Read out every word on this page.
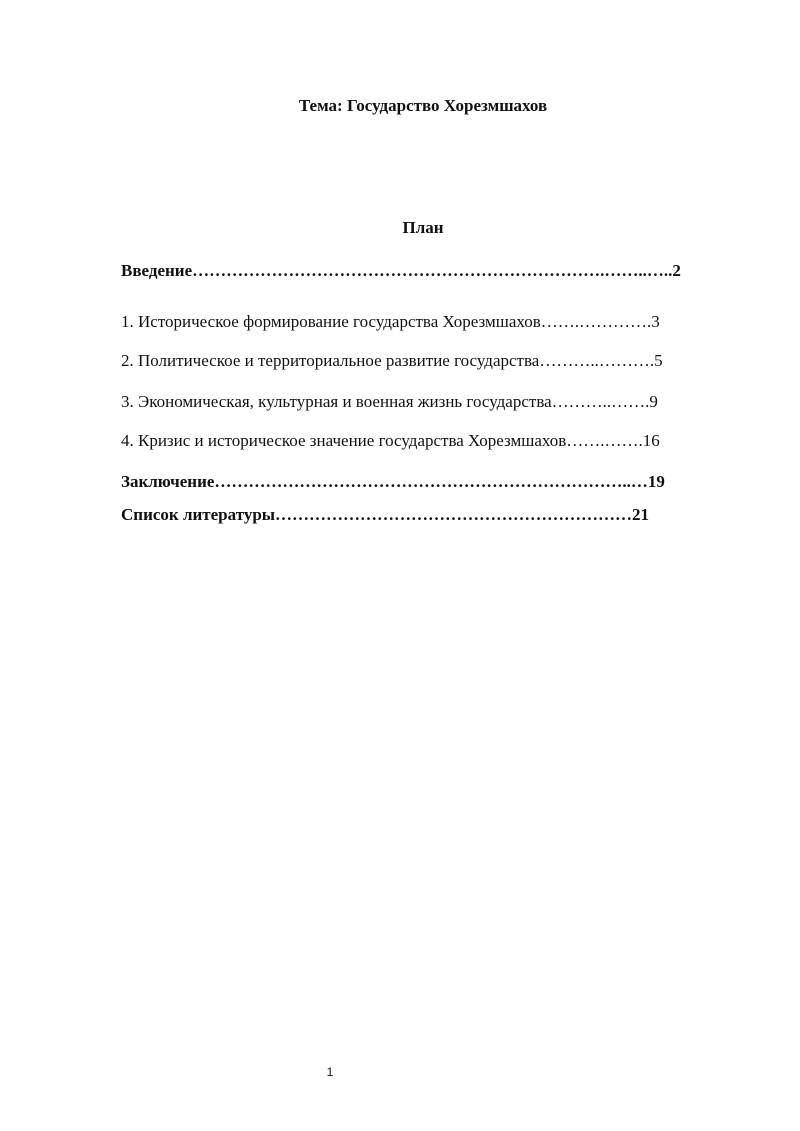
Тема: Государство Хорезмшахов
План
Введение……………………………………………………………….……..…..2
1. Историческое формирование государства Хорезмшахов…….………….3
2. Политическое и территориальное развитие государства………..……….5
3. Экономическая, культурная и военная жизнь государства………..…….9
4. Кризис и историческое значение государства Хорезмшахов…….…….16
Заключение………………………………………………………………..…19
Список литературы………………………………………………………21
1
